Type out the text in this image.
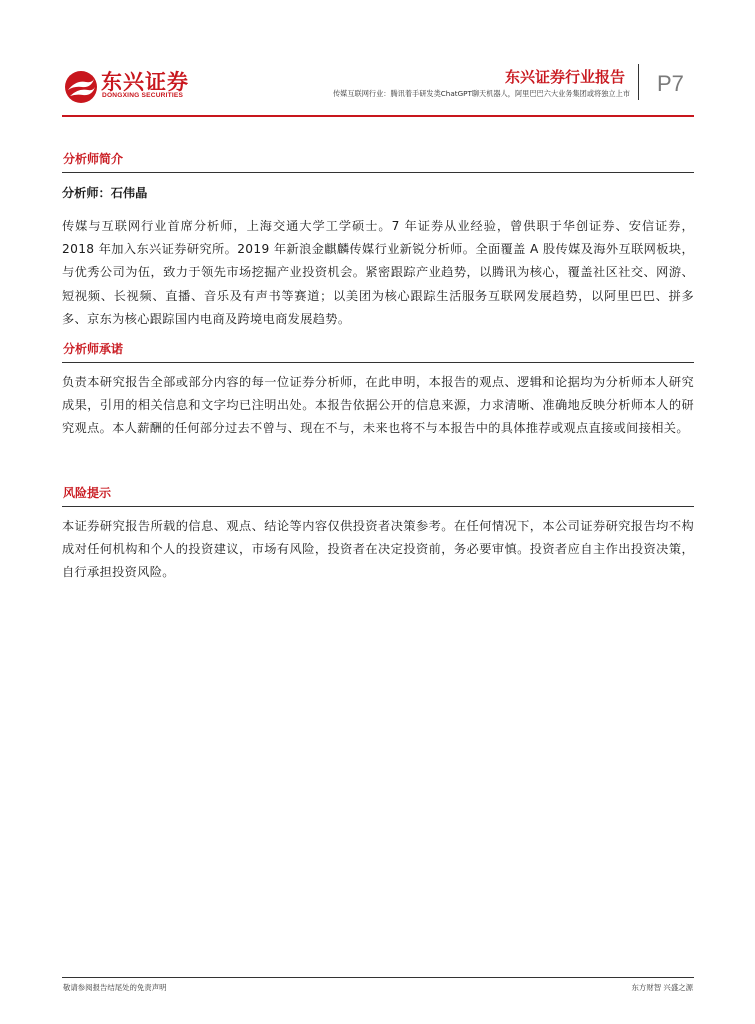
东兴证券
DONGXING SECURITIES
东兴证券行业报告
传媒互联网行业：腾讯着手研发类ChatGPT聊天机器人，阿里巴巴六大业务集团或将独立上市 P7
分析师简介
分析师：石伟晶

传媒与互联网行业首席分析师，上海交通大学工学硕士。7 年证券从业经验，曾供职于华创证券、安信证券，2018 年加入东兴证券研究所。2019 年新浪金麒麟传媒行业新锐分析师。全面覆盖 A 股传媒及海外互联网板块，与优秀公司为伍，致力于领先市场挖掘产业投资机会。紧密跟踪产业趋势，以腾讯为核心，覆盖社区社交、网游、短视频、长视频、直播、音乐及有声书等赛道；以美团为核心跟踪生活服务互联网发展趋势，以阿里巴巴、拼多多、京东为核心跟踪国内电商及跨境电商发展趋势。

分析师承诺

负责本研究报告全部或部分内容的每一位证券分析师，在此申明，本报告的观点、逻辑和论据均为分析师本人研究成果，引用的相关信息和文字均已注明出处。本报告依据公开的信息来源，力求清晰、准确地反映分析师本人的研究观点。本人薪酬的任何部分过去不曾与、现在不与，未来也将不与本报告中的具体推荐或观点直接或间接相关。

风险提示

本证券研究报告所载的信息、观点、结论等内容仅供投资者决策参考。在任何情况下，本公司证券研究报告均不构成对任何机构和个人的投资建议，市场有风险，投资者在决定投资前，务必要审慎。投资者应自主作出投资决策，自行承担投资风险。

敬请参阅报告结尾处的免责声明	东方财智 兴盛之源
